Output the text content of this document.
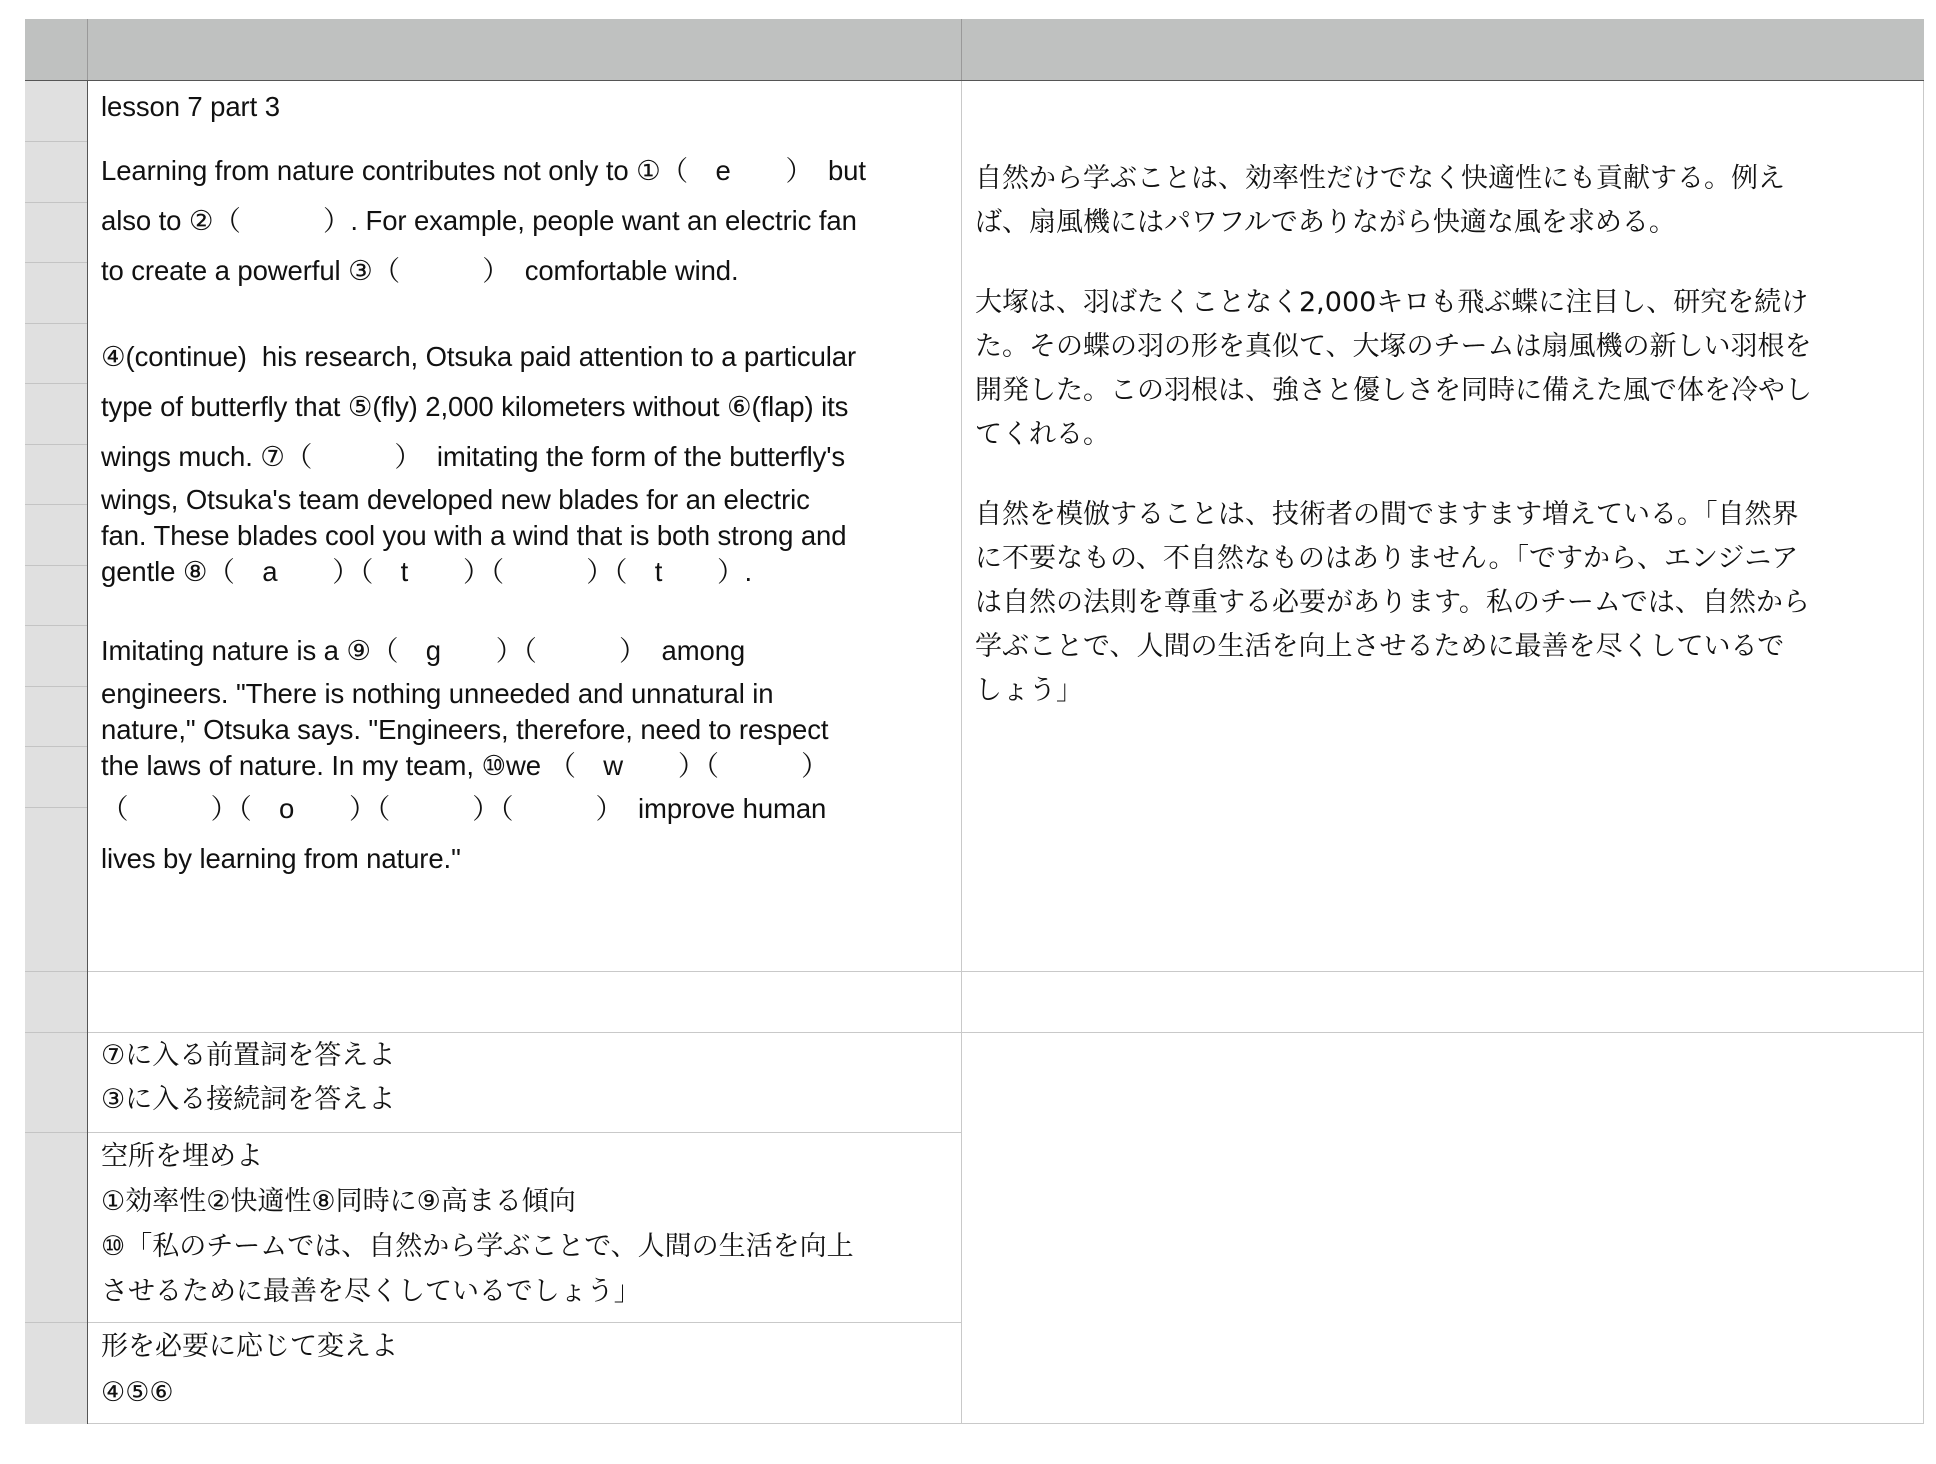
lesson 7 part 3

Learning from nature contributes not only to ①（　e　　）  but
also to ②（　　　）. For example, people want an electric fan
to create a powerful ③（　　　）  comfortable wind.

④(continue)  his research, Otsuka paid attention to a particular
type of butterfly that ⑤(fly) 2,000 kilometers without ⑥(flap) its
wings much. ⑦（　　　）  imitating the form of the butterfly's

wings, Otsuka's team developed new blades for an electric
fan. These blades cool you with a wind that is both strong and
gentle ⑧（　a　　）（　t　　）（　　　）（　t　　）.

Imitating nature is a ⑨（　g　　）（　　　）  among

engineers. "There is nothing unneeded and unnatural in
nature," Otsuka says. "Engineers, therefore, need to respect
the laws of nature. In my team, ⑩we （　w　　）（　　　）

（　　　）（　o　　）（　　　）（　　　）  improve human
lives by learning from nature."

自然から学ぶことは、効率性だけでなく快適性にも貢献する。例え
ば、扇風機にはパワフルでありながら快適な風を求める。

大塚は、羽ばたくことなく2,000キロも飛ぶ蝶に注目し、研究を続け
た。その蝶の羽の形を真似て、大塚のチームは扇風機の新しい羽根を
開発した。この羽根は、強さと優しさを同時に備えた風で体を冷やし
てくれる。

自然を模倣することは、技術者の間でますます増えている。「自然界
に不要なもの、不自然なものはありません。「ですから、エンジニア
は自然の法則を尊重する必要があります。私のチームでは、自然から
学ぶことで、人間の生活を向上させるために最善を尽くしているで
しょう」

⑦に入る前置詞を答えよ
③に入る接続詞を答えよ

空所を埋めよ
①効率性②快適性⑧同時に⑨高まる傾向
⑩「私のチームでは、自然から学ぶことで、人間の生活を向上
させるために最善を尽くしているでしょう」

形を必要に応じて変えよ
④⑤⑥
